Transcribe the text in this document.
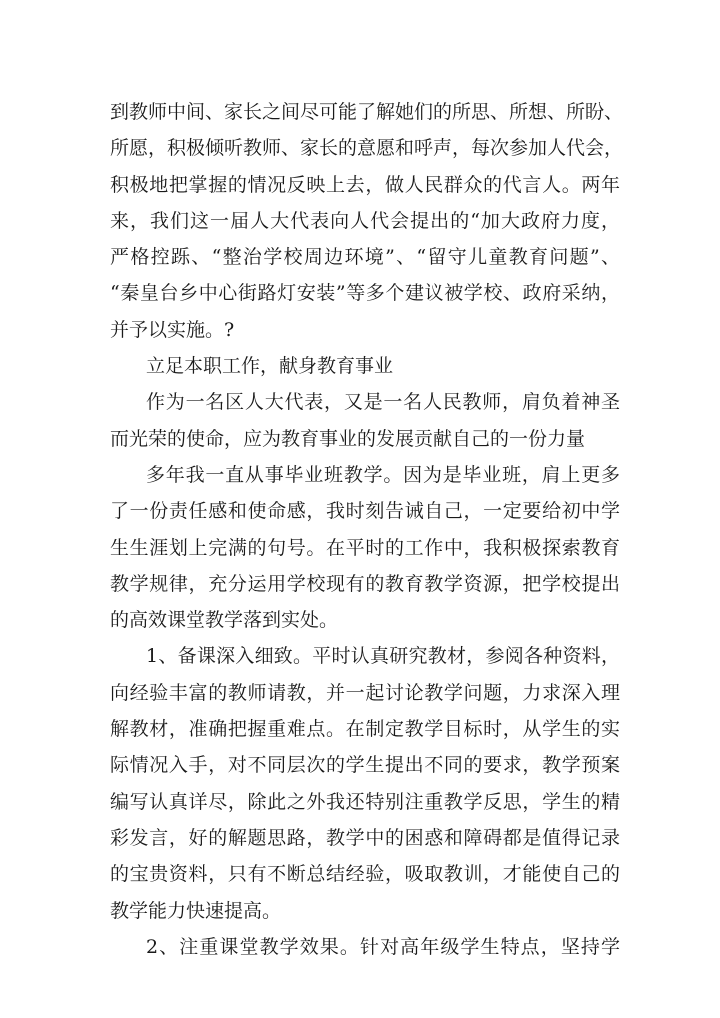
到教师中间、家长之间尽可能了解她们的所思、所想、所盼、
所愿，积极倾听教师、家长的意愿和呼声，每次参加人代会，
积极地把掌握的情况反映上去，做人民群众的代言人。两年
来，我们这一届人大代表向人代会提出的“加大政府力度，
严格控跞、“整治学校周边环境”、“留守儿童教育问题”、
“秦皇台乡中心街路灯安装”等多个建议被学校、政府采纳，
并予以实施。?
立足本职工作，献身教育事业
作为一名区人大代表，又是一名人民教师，肩负着神圣
而光荣的使命，应为教育事业的发展贡献自己的一份力量
多年我一直从事毕业班教学。因为是毕业班，肩上更多
了一份责任感和使命感，我时刻告诫自己，一定要给初中学
生生涯划上完满的句号。在平时的工作中，我积极探索教育
教学规律，充分运用学校现有的教育教学资源，把学校提出
的高效课堂教学落到实处。
1、备课深入细致。平时认真研究教材，参阅各种资料，
向经验丰富的教师请教，并一起讨论教学问题，力求深入理
解教材，准确把握重难点。在制定教学目标时，从学生的实
际情况入手，对不同层次的学生提出不同的要求，教学预案
编写认真详尽，除此之外我还特别注重教学反思，学生的精
彩发言，好的解题思路，教学中的困惑和障碍都是值得记录
的宝贵资料，只有不断总结经验，吸取教训，才能使自己的
教学能力快速提高。
2、注重课堂教学效果。针对高年级学生特点，坚持学
